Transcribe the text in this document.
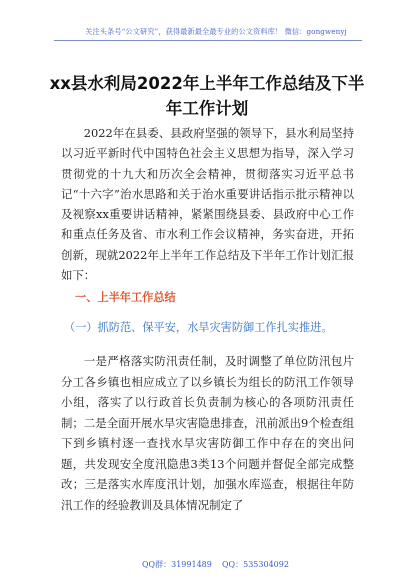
关注头条号“公文研究”，获得最新最全最专业的公文资料库！ 微信：gongwenyj
xx县水利局2022年上半年工作总结及下半年工作计划

2022年在县委、县政府坚强的领导下，县水利局坚持以习近平新时代中国特色社会主义思想为指导，深入学习贯彻党的十九大和历次全会精神，贯彻落实习近平总书记“十六字”治水思路和关于治水重要讲话指示批示精神以及视察xx重要讲话精神，紧紧围绕县委、县政府中心工作和重点任务及省、市水利工作会议精神，务实奋进，开拓创新，现就2022年上半年工作总结及下半年工作计划汇报如下：

一、上半年工作总结
（一）抓防范、保平安，水旱灾害防御工作扎实推进。

一是严格落实防汛责任制，及时调整了单位防汛包片分工各乡镇也相应成立了以乡镇长为组长的防汛工作领导小组，落实了以行政首长负责制为核心的各项防汛责任制；二是全面开展水旱灾害隐患排查，汛前派出9个检查组下到乡镇村逐一查找水旱灾害防御工作中存在的突出问题，共发现安全度汛隐患3类13个问题并督促全部完成整改；三是落实水库度汛计划，加强水库巡查，根据往年防汛工作的经验教训及具体情况制定了

QQ群：31991489 QQ：535304092
